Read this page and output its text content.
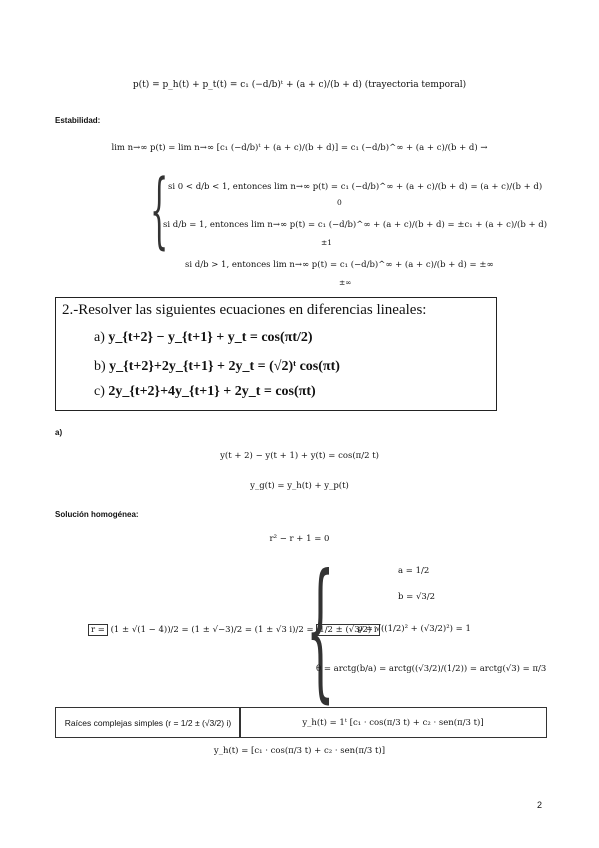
p(t) = p_h(t) + p_t(t) = c₁ (−d/b)ᵗ + (a + c)/(b + d) (trayectoria temporal)
Estabilidad:
lim n→∞ p(t) = lim n→∞ [c₁ (−d/b)ᵗ + (a + c)/(b + d)] = c₁ (−d/b)^∞ + (a + c)/(b + d) →
{ si 0 < d/b < 1, entonces lim n→∞ p(t) = c₁ (−d/b)^∞ + (a + c)/(b + d) = (a + c)/(b + d)
0
si d/b = 1, entonces lim n→∞ p(t) = c₁ (−d/b)^∞ + (a + c)/(b + d) = ±c₁ + (a + c)/(b + d)
±1
si d/b > 1, entonces lim n→∞ p(t) = c₁ (−d/b)^∞ + (a + c)/(b + d) = ±∞
±∞
2.-Resolver las siguientes ecuaciones en diferencias lineales:
a) y_{t+2} − y_{t+1} + y_t = cos(πt/2)
b) y_{t+2}+2y_{t+1} + 2y_t = (√2)ᵗ cos(πt)
c) 2y_{t+2}+4y_{t+1} + 2y_t = cos(πt)
a)
y(t + 2) − y(t + 1) + y(t) = cos(π/2 t)
y_g(t) = y_h(t) + y_p(t)
Solución homogénea:
r² − r + 1 = 0
r = (1 ± √(1 − 4))/2 = (1 ± √−3)/2 = (1 ± √3 i)/2 = 1/2 ± (√3/2) i
{	a = 1/2
b = √3/2
ρ = √((1/2)² + (√3/2)²) = 1
θ = arctg(b/a) = arctg((√3/2)/(1/2)) = arctg(√3) = π/3
Raíces complejas simples (r = 1/2 ± (√3/2) i)	y_h(t) = 1ᵗ [c₁ · cos(π/3 t) + c₂ · sen(π/3 t)]
y_h(t) = [c₁ · cos(π/3 t) + c₂ · sen(π/3 t)]
2
